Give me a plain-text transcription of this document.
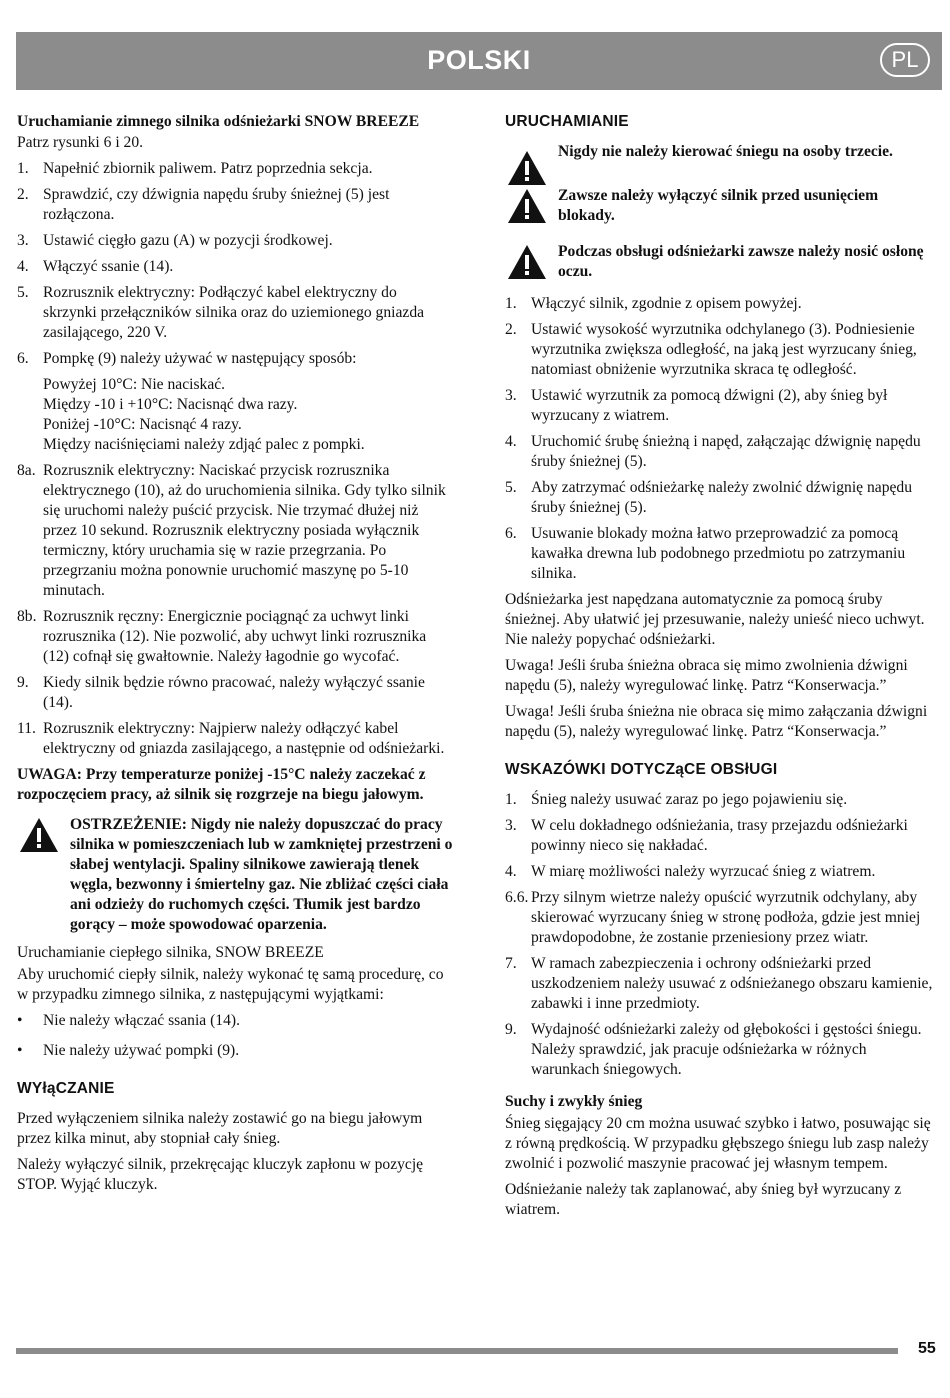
POLSKI	PL
Uruchamianie zimnego silnika odśnieżarki SNOW BREEZE

Patrz rysunki 6 i 20.

1. Napełnić zbiornik paliwem. Patrz poprzednia sekcja.
2. Sprawdzić, czy dźwignia napędu śruby śnieżnej (5) jest rozłączona.
3. Ustawić cięgło gazu (A) w pozycji środkowej.
4. Włączyć ssanie (14).
5. Rozrusznik elektryczny: Podłączyć kabel elektryczny do skrzynki przełączników silnika oraz do uziemionego gniazda zasilającego, 220 V.
6. Pompkę (9) należy używać w następujący sposób:
Powyżej 10°C: Nie naciskać.
Między -10 i +10°C: Nacisnąć dwa razy.
Poniżej -10°C: Nacisnąć 4 razy.
Między naciśnięciami należy zdjąć palec z pompki.
8a. Rozrusznik elektryczny: Naciskać przycisk rozrusznika elektrycznego (10), aż do uruchomienia silnika. Gdy tylko silnik się uruchomi należy puścić przycisk. Nie trzymać dłużej niż przez 10 sekund. Rozrusznik elektryczny posiada wyłącznik termiczny, który uruchamia się w razie przegrzania. Po przegrzaniu można ponownie uruchomić maszynę po 5-10 minutach.
8b. Rozrusznik ręczny: Energicznie pociągnąć za uchwyt linki rozrusznika (12). Nie pozwolić, aby uchwyt linki rozrusznika (12) cofnął się gwałtownie. Należy łagodnie go wycofać.
9. Kiedy silnik będzie równo pracować, należy wyłączyć ssanie (14).
11. Rozrusznik elektryczny: Najpierw należy odłączyć kabel elektryczny od gniazda zasilającego, a następnie od odśnieżarki.

UWAGA: Przy temperaturze poniżej -15°C należy zaczekać z rozpoczęciem pracy, aż silnik się rozgrzeje na biegu jałowym.

OSTRZEŻENIE: Nigdy nie należy dopuszczać do pracy silnika w pomieszczeniach lub w zamkniętej przestrzeni o słabej wentylacji. Spaliny silnikowe zawierają tlenek węgla, bezwonny i śmiertelny gaz. Nie zbliżać części ciała ani odzieży do ruchomych części. Tłumik jest bardzo gorący – może spowodować oparzenia.
Uruchamianie ciepłego silnika, SNOW BREEZE

Aby uruchomić ciepły silnik, należy wykonać tę samą procedurę, co w przypadku zimnego silnika, z następującymi wyjątkami:

• Nie należy włączać ssania (14).
• Nie należy używać pompki (9).
WYłąCZANIE

Przed wyłączeniem silnika należy zostawić go na biegu jałowym przez kilka minut, aby stopniał cały śnieg.

Należy wyłączyć silnik, przekręcając kluczyk zapłonu w pozycję STOP. Wyjąć kluczyk.

URUCHAMIANIE
Nigdy nie należy kierować śniegu na osoby trzecie.
Zawsze należy wyłączyć silnik przed usunięciem blokady.
Podczas obsługi odśnieżarki zawsze należy nosić osłonę oczu.
1. Włączyć silnik, zgodnie z opisem powyżej.
2. Ustawić wysokość wyrzutnika odchylanego (3). Podniesienie wyrzutnika zwiększa odległość, na jaką jest wyrzucany śnieg, natomiast obniżenie wyrzutnika skraca tę odległość.
3. Ustawić wyrzutnik za pomocą dźwigni (2), aby śnieg był wyrzucany z wiatrem.
4. Uruchomić śrubę śnieżną i napęd, załączając dźwignię napędu śruby śnieżnej (5).
5. Aby zatrzymać odśnieżarkę należy zwolnić dźwignię napędu śruby śnieżnej (5).
6. Usuwanie blokady można łatwo przeprowadzić za pomocą kawałka drewna lub podobnego przedmiotu po zatrzymaniu silnika.

Odśnieżarka jest napędzana automatycznie za pomocą śruby śnieżnej. Aby ułatwić jej przesuwanie, należy unieść nieco uchwyt. Nie należy popychać odśnieżarki.

Uwaga! Jeśli śruba śnieżna obraca się mimo zwolnienia dźwigni napędu (5), należy wyregulować linkę. Patrz “Konserwacja.”

Uwaga! Jeśli śruba śnieżna nie obraca się mimo załączania dźwigni napędu (5), należy wyregulować linkę. Patrz “Konserwacja.”

WSKAZÓWKI DOTYCZąCE OBSłUGI
1. Śnieg należy usuwać zaraz po jego pojawieniu się.
3. W celu dokładnego odśnieżania, trasy przejazdu odśnieżarki powinny nieco się nakładać.
4. W miarę możliwości należy wyrzucać śnieg z wiatrem.
6.6. Przy silnym wietrze należy opuścić wyrzutnik odchylany, aby skierować wyrzucany śnieg w stronę podłoża, gdzie jest mniej prawdopodobne, że zostanie przeniesiony przez wiatr.
7. W ramach zabezpieczenia i ochrony odśnieżarki przed uszkodzeniem należy usuwać z odśnieżanego obszaru kamienie, zabawki i inne przedmioty.
9. Wydajność odśnieżarki zależy od głębokości i gęstości śniegu. Należy sprawdzić, jak pracuje odśnieżarka w różnych warunkach śniegowych.
Suchy i zwykły śnieg

Śnieg sięgający 20 cm można usuwać szybko i łatwo, posuwając się z równą prędkością. W przypadku głębszego śniegu lub zasp należy zwolnić i pozwolić maszynie pracować jej własnym tempem.

Odśnieżanie należy tak zaplanować, aby śnieg był wyrzucany z wiatrem.

55
